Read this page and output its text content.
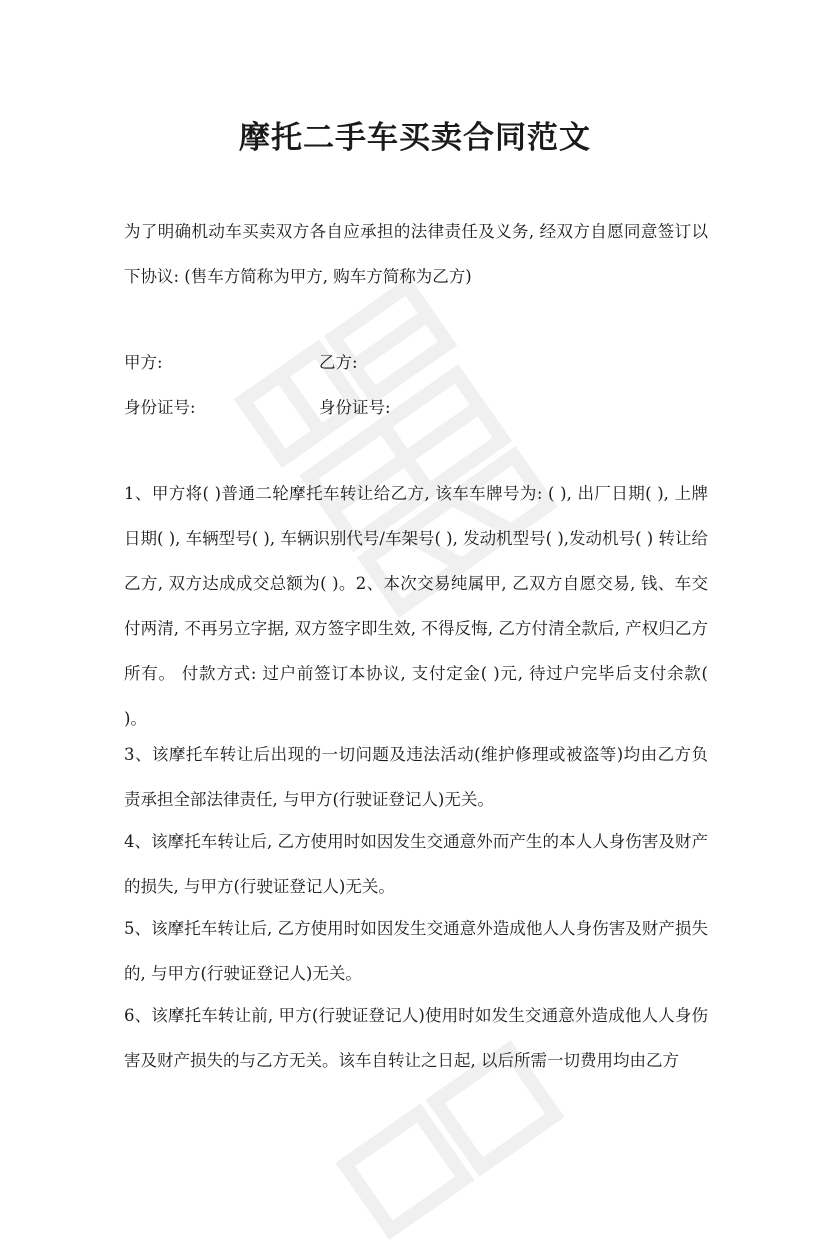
摩托二手车买卖合同范文

为了明确机动车买卖双方各自应承担的法律责任及义务, 经双方自愿同意签订以下协议: (售车方简称为甲方, 购车方简称为乙方)

甲方:	乙方:
身份证号:	身份证号:

1、甲方将( )普通二轮摩托车转让给乙方, 该车车牌号为: ( ), 出厂日期( ), 上牌日期( ), 车辆型号( ), 车辆识别代号/车架号( ), 发动机型号( ),发动机号( ) 转让给乙方, 双方达成成交总额为( )。2、本次交易纯属甲, 乙双方自愿交易, 钱、车交付两清, 不再另立字据, 双方签字即生效, 不得反悔, 乙方付清全款后, 产权归乙方所有。 付款方式: 过户前签订本协议, 支付定金( )元, 待过户完毕后支付余款( )。

3、该摩托车转让后出现的一切问题及违法活动(维护修理或被盗等)均由乙方负责承担全部法律责任, 与甲方(行驶证登记人)无关。

4、该摩托车转让后, 乙方使用时如因发生交通意外而产生的本人人身伤害及财产的损失, 与甲方(行驶证登记人)无关。

5、该摩托车转让后, 乙方使用时如因发生交通意外造成他人人身伤害及财产损失的, 与甲方(行驶证登记人)无关。

6、该摩托车转让前, 甲方(行驶证登记人)使用时如发生交通意外造成他人人身伤害及财产损失的与乙方无关。该车自转让之日起, 以后所需一切费用均由乙方
